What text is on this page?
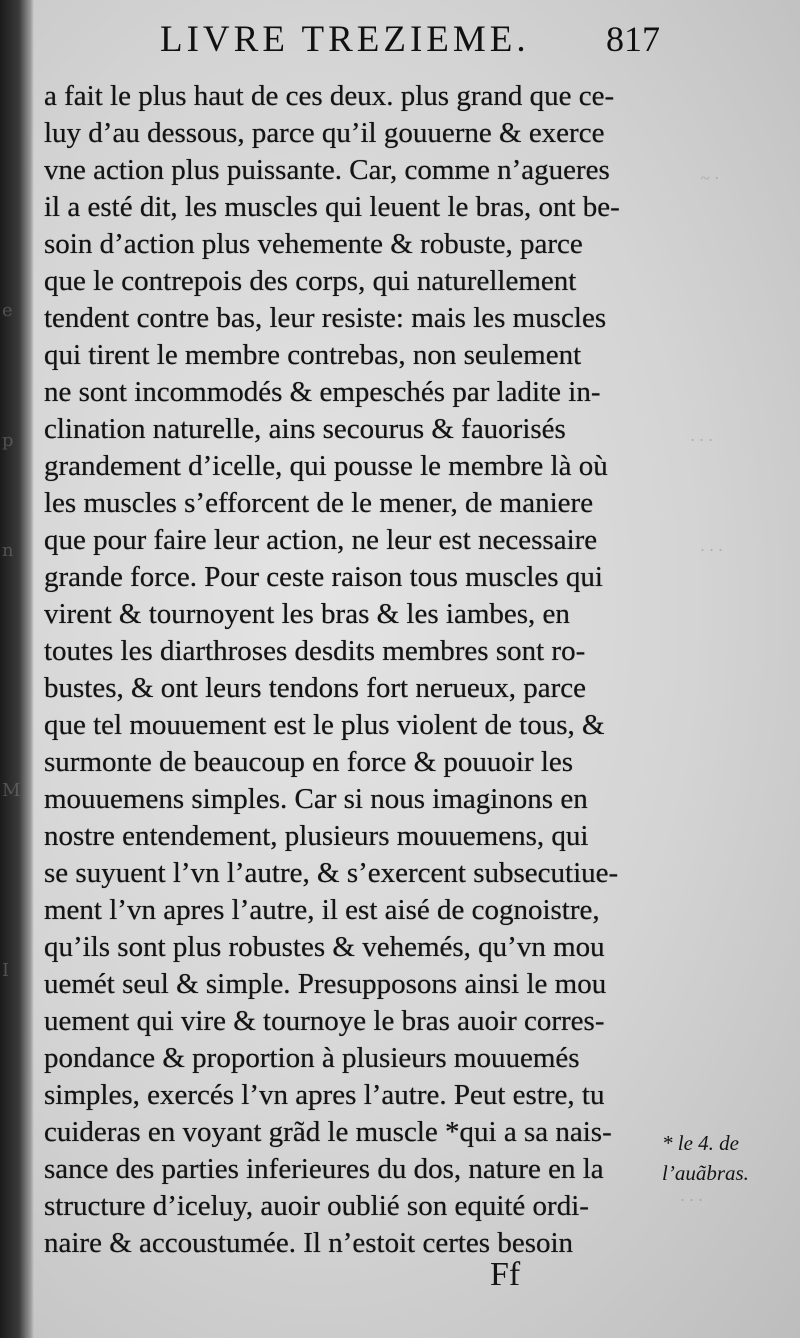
e
p
n
M
I
LIVRE TREZIEME. 817
a fait le plus haut de ces deux. plus grand que ce-
luy d’au dessous, parce qu’il gouuerne & exerce
vne action plus puissante. Car, comme n’agueres
il a esté dit, les muscles qui leuent le bras, ont be-
soin d’action plus vehemente & robuste, parce
que le contrepois des corps, qui naturellement
tendent contre bas, leur resiste: mais les muscles
qui tirent le membre contrebas, non seulement
ne sont incommodés & empeschés par ladite in-
clination naturelle, ains secourus & fauorisés
grandement d’icelle, qui pousse le membre là où
les muscles s’efforcent de le mener, de maniere
que pour faire leur action, ne leur est necessaire
grande force. Pour ceste raison tous muscles qui
virent & tournoyent les bras & les iambes, en
toutes les diarthroses desdits membres sont ro-
bustes, & ont leurs tendons fort nerueux, parce
que tel mouuement est le plus violent de tous, &
surmonte de beaucoup en force & pouuoir les
mouuemens simples. Car si nous imaginons en
nostre entendement, plusieurs mouuemens, qui
se suyuent l’vn l’autre, & s’exercent subsecutiue-
ment l’vn apres l’autre, il est aisé de cognoistre,
qu’ils sont plus robustes & vehemés, qu’vn mou
uemét seul & simple. Presupposons ainsi le mou
uement qui vire & tournoye le bras auoir corres-
pondance & proportion à plusieurs mouuemés
simples, exercés l’vn apres l’autre. Peut estre, tu
cuideras en voyant grãd le muscle *qui a sa nais-
sance des parties inferieures du dos, nature en la
structure d’iceluy, auoir oublié son equité ordi-
naire & accoustumée. Il n’estoit certes besoin
Ff
* le 4. de
l’auãbras.
~ ·
· · ·
· · ·
· · ·
